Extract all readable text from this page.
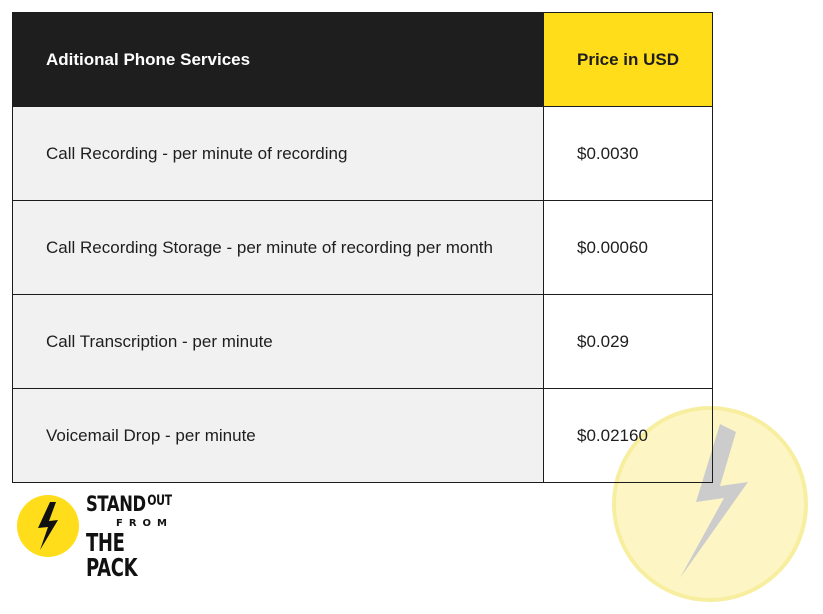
Aditional Phone Services	Price in USD
Call Recording - per minute of recording	$0.0030
Call Recording Storage - per minute of recording per month	$0.00060
Call Transcription - per minute	$0.029
Voicemail Drop - per minute	$0.02160
STAND $^{OUT}$
FROM
THE PACK
